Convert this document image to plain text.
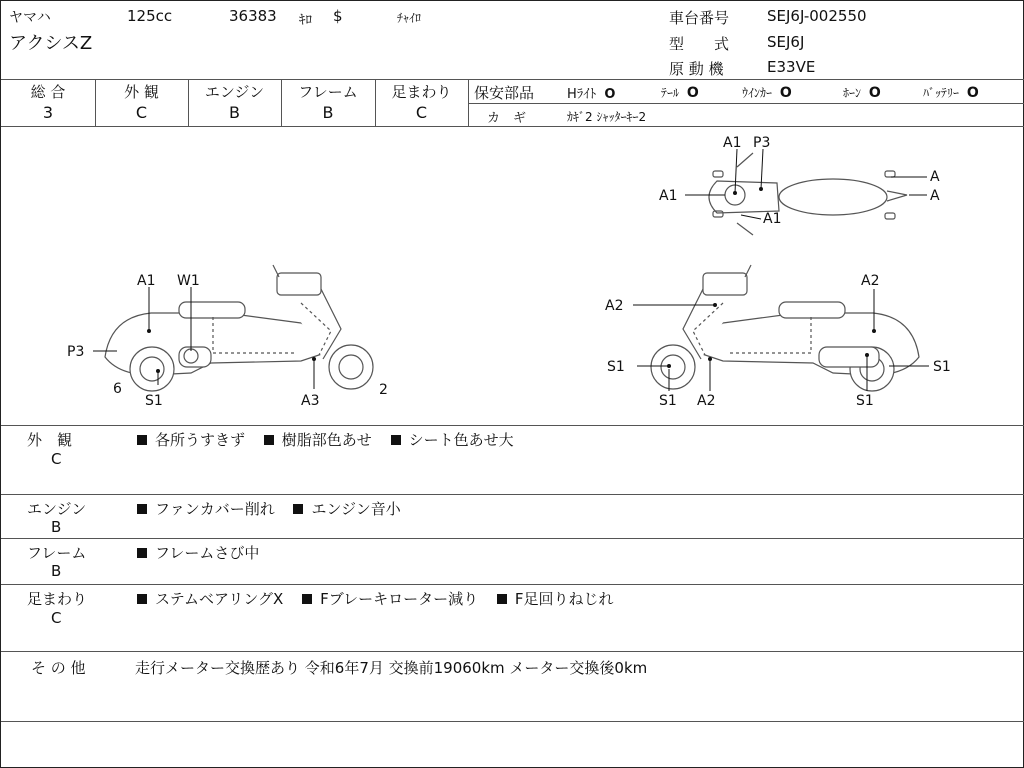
ヤマハ	125cc	36383 ｷﾛ $	ﾁｬｲﾛ
アクシスZ
車台番号	SEJ6J-002550
型　　式	SEJ6J
原 動 機	E33VE
総 合	外 観	エンジン	フレーム	足まわり
3	C	B	B	C
保安部品	Hﾗｲﾄ O	ﾃｰﾙ O	ｳｲﾝｶｰ O	ﾎｰﾝ O	ﾊﾞｯﾃﾘｰ O
カ　ギ	ｶｷﾞ2 ｼｬｯﾀｰｷｰ2
A1 W1
P3
6
S1	A3
2
A2
A2
S1
S1 A2
S1
S1
A1 P3
A
A
A1
A1
外　観
C
各所うすきず 樹脂部色あせ シート色あせ大
エンジン
B
ファンカバー削れ エンジン音小
フレーム
B
フレームさび中
足まわり
C
ステムベアリングX Fブレーキローター減り F足回りねじれ
そ の 他	走行メーター交換歴あり 令和6年7月 交換前19060km メーター交換後0km
